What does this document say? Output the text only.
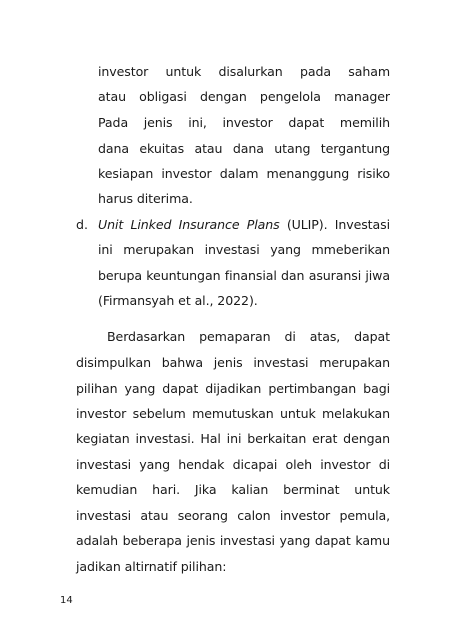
investor untuk disalurkan pada saham
atau obligasi dengan pengelola manager
Pada jenis ini, investor dapat memilih
dana ekuitas atau dana utang tergantung
kesiapan investor dalam menanggung risiko
harus diterima.
d. Unit Linked Insurance Plans (ULIP). Investasi
ini merupakan investasi yang mmeberikan
berupa keuntungan finansial dan asuransi jiwa
(Firmansyah et al., 2022).
Berdasarkan pemaparan di atas, dapat
disimpulkan bahwa jenis investasi merupakan
pilihan yang dapat dijadikan pertimbangan bagi
investor sebelum memutuskan untuk melakukan
kegiatan investasi. Hal ini berkaitan erat dengan
investasi yang hendak dicapai oleh investor di
kemudian hari. Jika kalian berminat untuk
investasi atau seorang calon investor pemula,
adalah beberapa jenis investasi yang dapat kamu
jadikan altirnatif pilihan:
14
